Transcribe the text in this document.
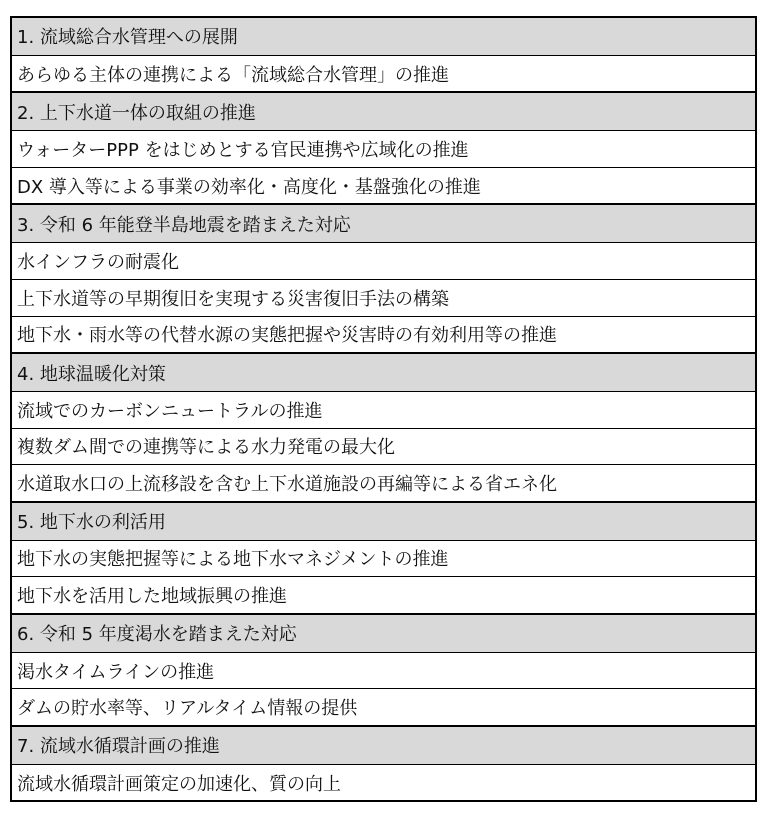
1. 流域総合水管理への展開
あらゆる主体の連携による「流域総合水管理」の推進
2. 上下水道一体の取組の推進
ウォーターPPP をはじめとする官民連携や広域化の推進
DX 導入等による事業の効率化・高度化・基盤強化の推進
3. 令和 6 年能登半島地震を踏まえた対応
水インフラの耐震化
上下水道等の早期復旧を実現する災害復旧手法の構築
地下水・雨水等の代替水源の実態把握や災害時の有効利用等の推進
4. 地球温暖化対策
流域でのカーボンニュートラルの推進
複数ダム間での連携等による水力発電の最大化
水道取水口の上流移設を含む上下水道施設の再編等による省エネ化
5. 地下水の利活用
地下水の実態把握等による地下水マネジメントの推進
地下水を活用した地域振興の推進
6. 令和 5 年度渇水を踏まえた対応
渇水タイムラインの推進
ダムの貯水率等、リアルタイム情報の提供
7. 流域水循環計画の推進
流域水循環計画策定の加速化、質の向上
